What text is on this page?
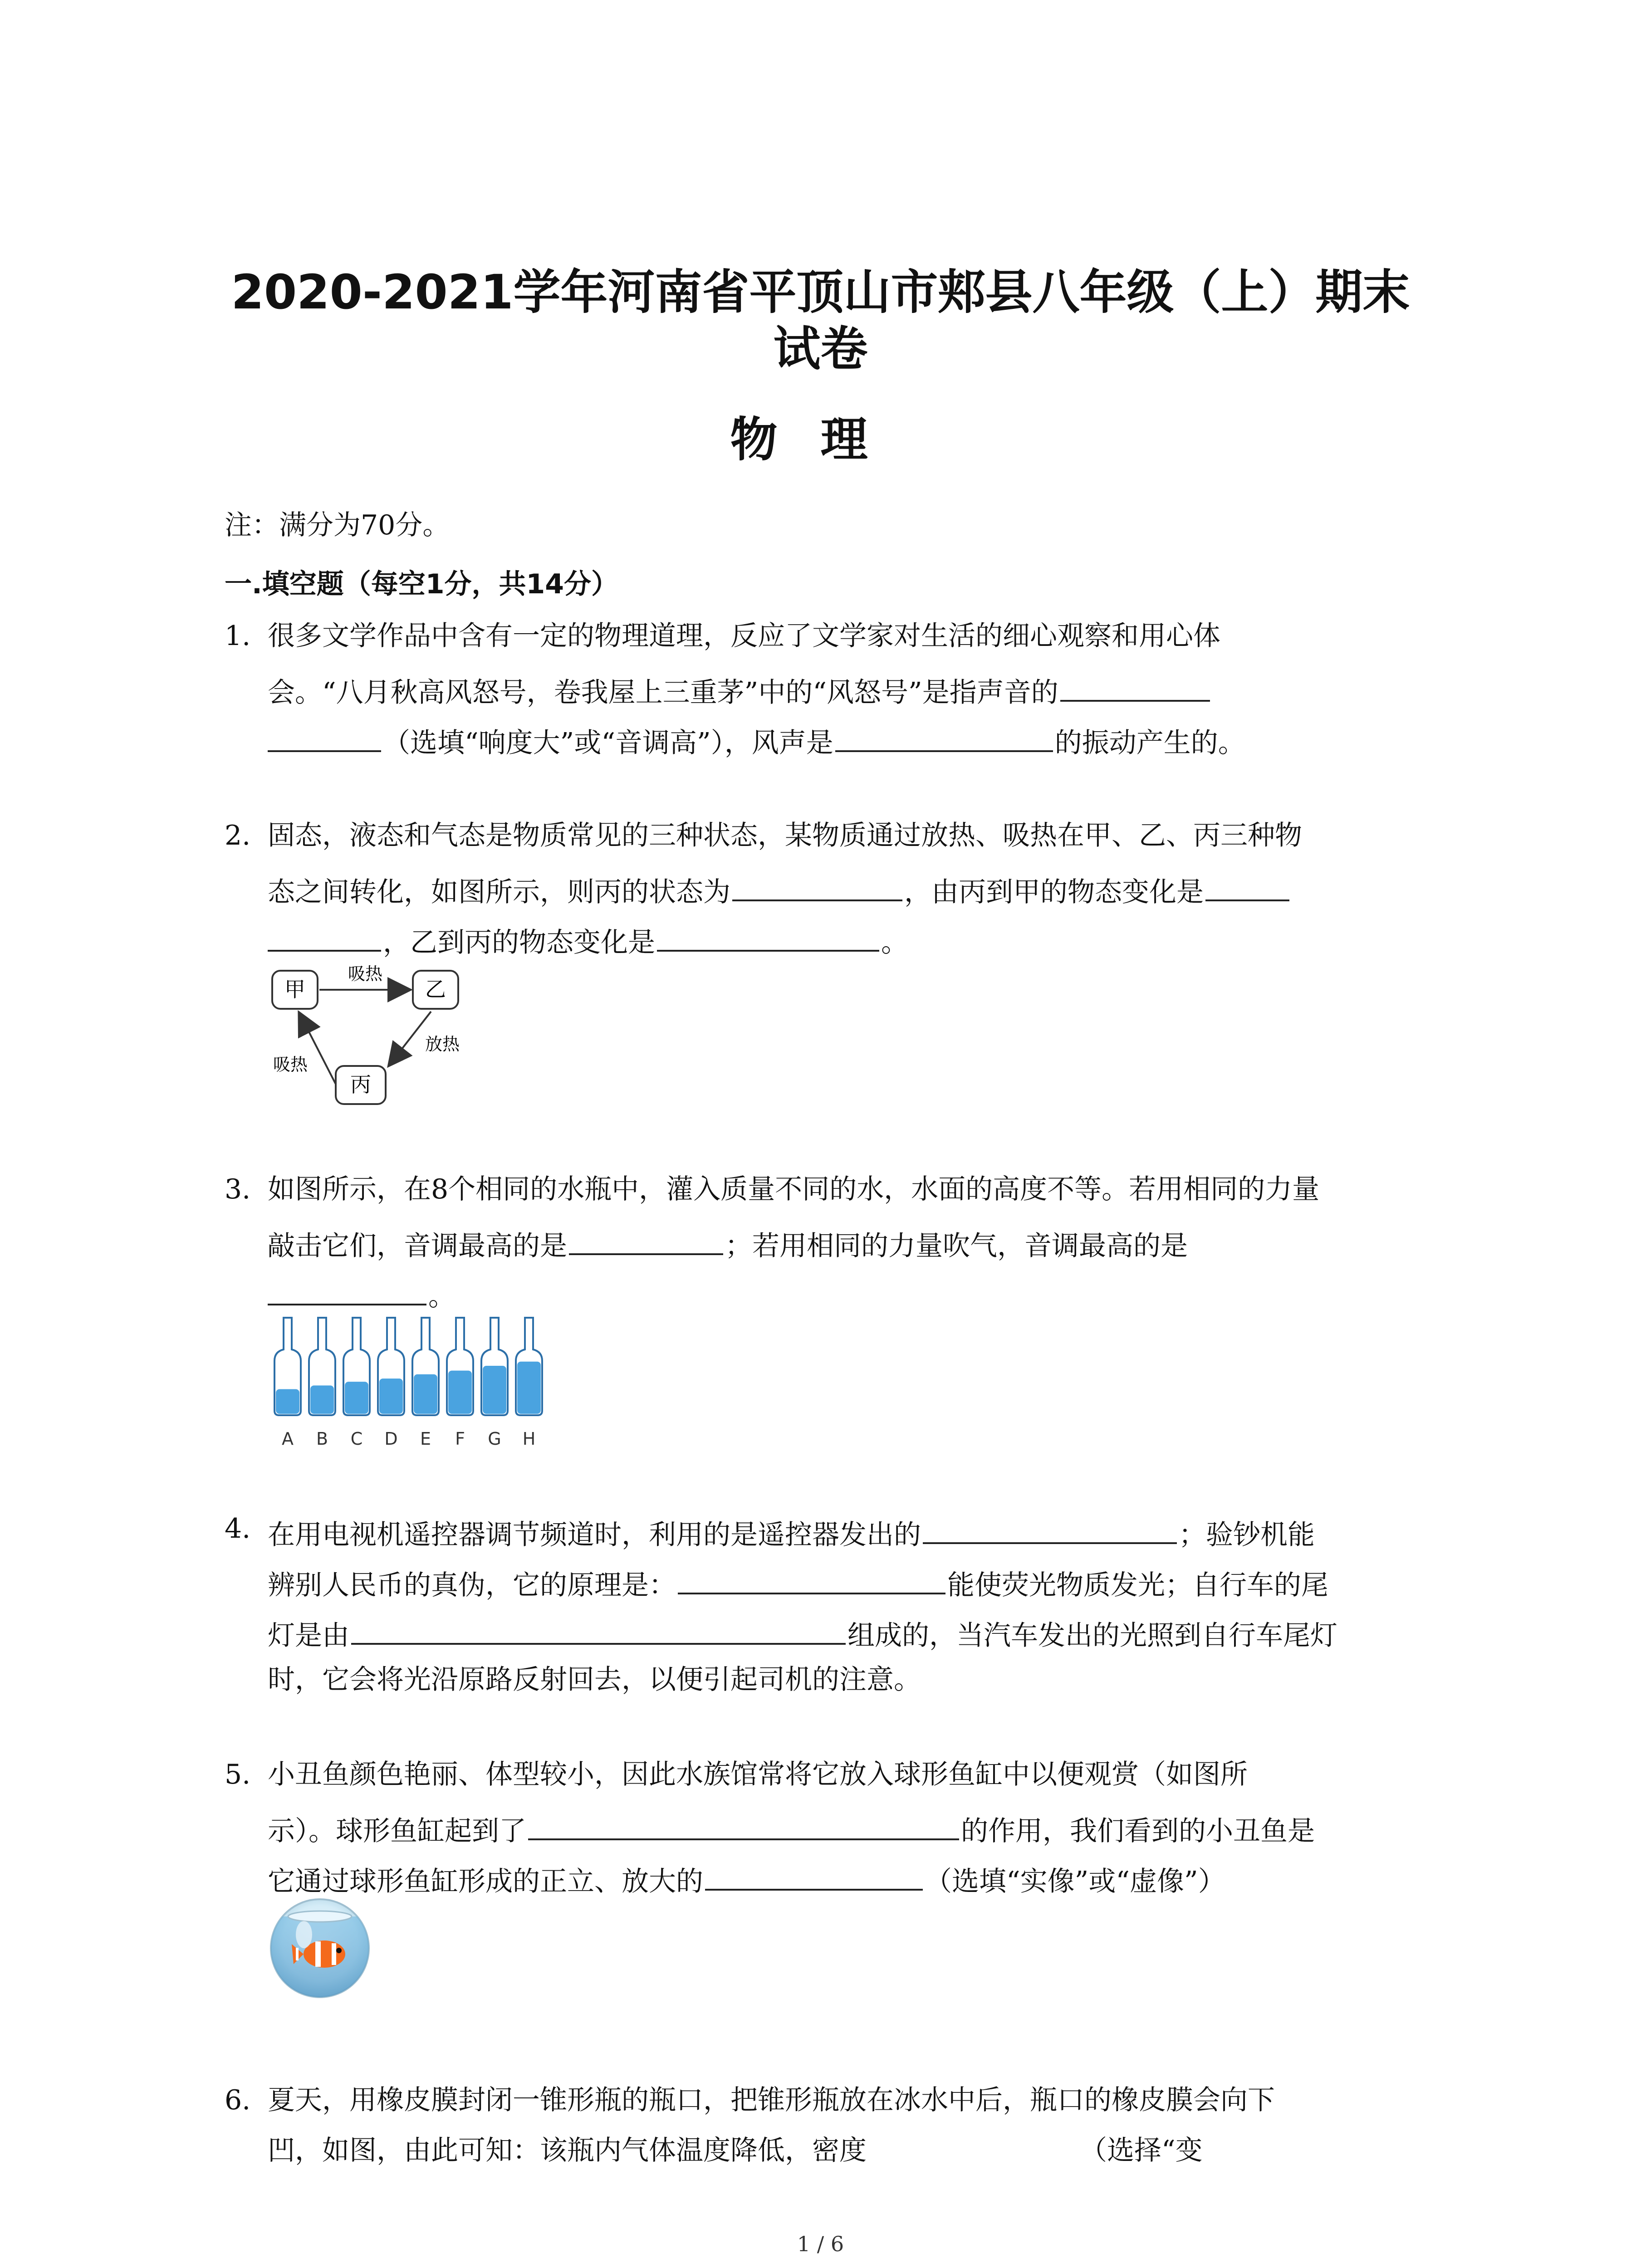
2020-2021学年河南省平顶山市郏县八年级（上）期末
试卷
物理
注：满分为70分。
一.填空题（每空1分，共14分）
1. 很多文学作品中含有一定的物理道理，反应了文学家对生活的细心观察和用心体
会。“八月秋高风怒号，卷我屋上三重茅”中的“风怒号”是指声音的
（选填“响度大”或“音调高”），风声是	的振动产生的。
2. 固态，液态和气态是物质常见的三种状态，某物质通过放热、吸热在甲、乙、丙三种物
态之间转化，如图所示，则丙的状态为	，由丙到甲的物态变化是
，乙到丙的物态变化是	。
甲	乙
丙
吸热
放热
吸热
3. 如图所示，在8个相同的水瓶中，灌入质量不同的水，水面的高度不等。若用相同的力量
敲击它们，音调最高的是	；若用相同的力量吹气，音调最高的是
。
A B C D E F G H
4. 在用电视机遥控器调节频道时，利用的是遥控器发出的	；验钞机能
辨别人民币的真伪，它的原理是：	能使荧光物质发光；自行车的尾
灯是由	组成的，当汽车发出的光照到自行车尾灯
时，它会将光沿原路反射回去，以便引起司机的注意。
5. 小丑鱼颜色艳丽、体型较小，因此水族馆常将它放入球形鱼缸中以便观赏（如图所
示）。球形鱼缸起到了	的作用，我们看到的小丑鱼是
它通过球形鱼缸形成的正立、放大的	（选填“实像”或“虚像”）
6. 夏天，用橡皮膜封闭一锥形瓶的瓶口，把锥形瓶放在冰水中后，瓶口的橡皮膜会向下
凹，如图，由此可知：该瓶内气体温度降低，密度	（选择“变
1 / 6
